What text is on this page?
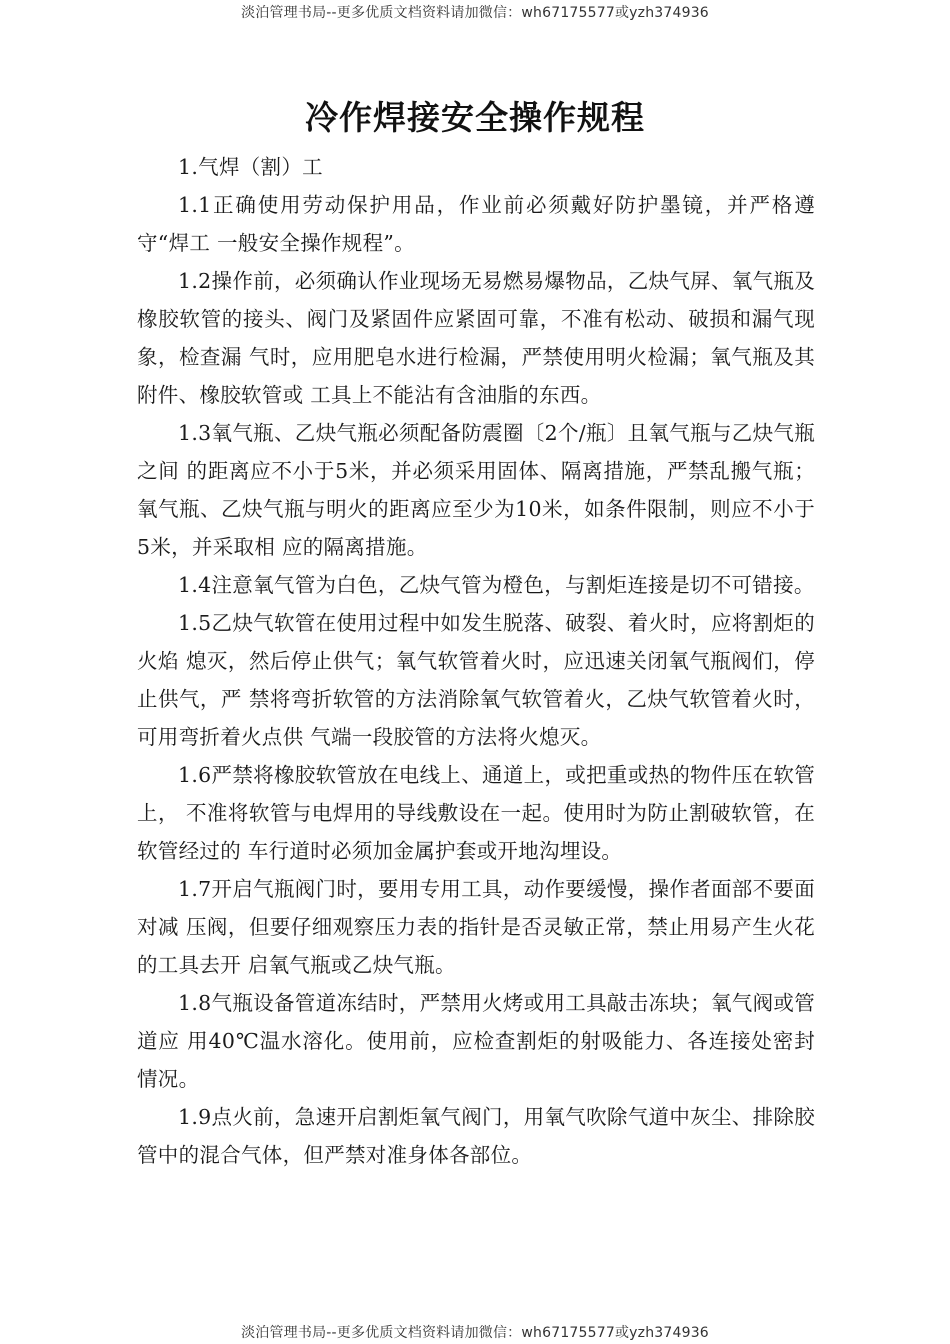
淡泊管理书局--更多优质文档资料请加微信：wh67175577或yzh374936
冷作焊接安全操作规程

1.气焊（割）工

1.1正确使用劳动保护用品，作业前必须戴好防护墨镜，并严格遵守“焊工 一般安全操作规程”。

1.2操作前，必须确认作业现场无易燃易爆物品，乙炔气屏、氧气瓶及橡胶软管的接头、阀门及紧固件应紧固可靠，不准有松动、破损和漏气现象，检查漏 气时，应用肥皂水进行检漏，严禁使用明火检漏；氧气瓶及其附件、橡胶软管或 工具上不能沾有含油脂的东西。

1.3氧气瓶、乙炔气瓶必须配备防震圈〔2个/瓶〕且氧气瓶与乙炔气瓶之间 的距离应不小于5米，并必须采用固体、隔离措施，严禁乱搬气瓶；氧气瓶、乙炔气瓶与明火的距离应至少为10米，如条件限制，则应不小于5米，并采取相 应的隔离措施。

1.4注意氧气管为白色，乙炔气管为橙色，与割炬连接是切不可错接。

1.5乙炔气软管在使用过程中如发生脱落、破裂、着火时，应将割炬的火焰 熄灭，然后停止供气；氧气软管着火时，应迅速关闭氧气瓶阀们，停止供气，严 禁将弯折软管的方法消除氧气软管着火，乙炔气软管着火时，可用弯折着火点供 气端一段胶管的方法将火熄灭。

1.6严禁将橡胶软管放在电线上、通道上，或把重或热的物件压在软管上， 不准将软管与电焊用的导线敷设在一起。使用时为防止割破软管，在软管经过的 车行道时必须加金属护套或开地沟埋设。

1.7开启气瓶阀门时，要用专用工具，动作要缓慢，操作者面部不要面对减 压阀，但要仔细观察压力表的指针是否灵敏正常，禁止用易产生火花的工具去开 启氧气瓶或乙炔气瓶。

1.8气瓶设备管道冻结时，严禁用火烤或用工具敲击冻块；氧气阀或管道应 用40℃温水溶化。使用前，应检查割炬的射吸能力、各连接处密封情况。

1.9点火前，急速开启割炬氧气阀门，用氧气吹除气道中灰尘、排除胶管中的混合气体，但严禁对准身体各部位。

淡泊管理书局--更多优质文档资料请加微信：wh67175577或yzh374936
